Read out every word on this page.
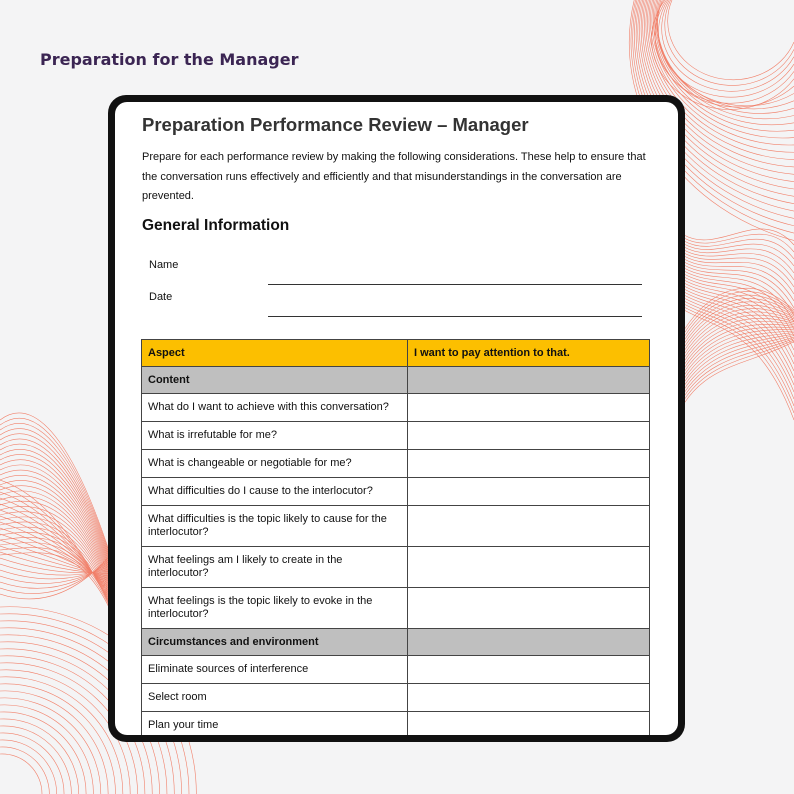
Preparation for the Manager
Preparation Performance Review – Manager
Prepare for each performance review by making the following considerations. These help to ensure that the conversation runs effectively and efficiently and that misunderstandings in the conversation are prevented.
General Information
Name
Date
Aspect	I want to pay attention to that.
Content	
What do I want to achieve with this conversation?	
What is irrefutable for me?	
What is changeable or negotiable for me?	
What difficulties do I cause to the interlocutor?	
What difficulties is the topic likely to cause for the interlocutor?	
What feelings am I likely to create in the interlocutor?	
What feelings is the topic likely to evoke in the interlocutor?	
Circumstances and environment	
Eliminate sources of interference	
Select room	
Plan your time	
